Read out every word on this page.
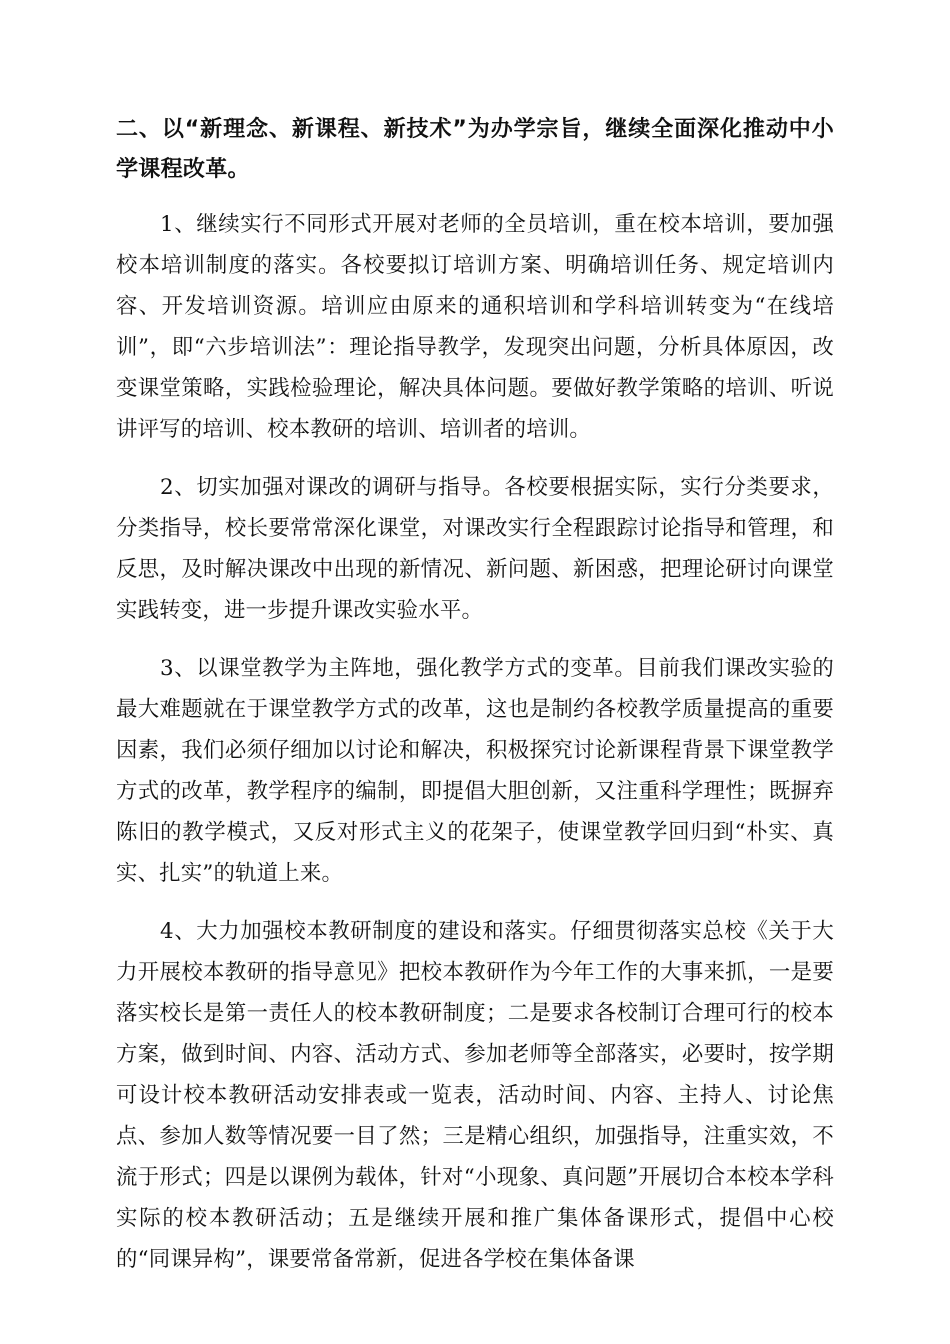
二、以“新理念、新课程、新技术”为办学宗旨，继续全面深化推动中小学课程改革。

1、继续实行不同形式开展对老师的全员培训，重在校本培训，要加强校本培训制度的落实。各校要拟订培训方案、明确培训任务、规定培训内容、开发培训资源。培训应由原来的通积培训和学科培训转变为“在线培训”，即“六步培训法”：理论指导教学，发现突出问题，分析具体原因，改变课堂策略，实践检验理论，解决具体问题。要做好教学策略的培训、听说讲评写的培训、校本教研的培训、培训者的培训。

2、切实加强对课改的调研与指导。各校要根据实际，实行分类要求，分类指导，校长要常常深化课堂，对课改实行全程跟踪讨论指导和管理，和反思，及时解决课改中出现的新情况、新问题、新困惑，把理论研讨向课堂实践转变，进一步提升课改实验水平。

3、以课堂教学为主阵地，强化教学方式的变革。目前我们课改实验的最大难题就在于课堂教学方式的改革，这也是制约各校教学质量提高的重要因素，我们必须仔细加以讨论和解决，积极探究讨论新课程背景下课堂教学方式的改革，教学程序的编制，即提倡大胆创新，又注重科学理性；既摒弃陈旧的教学模式，又反对形式主义的花架子，使课堂教学回归到“朴实、真实、扎实”的轨道上来。

4、大力加强校本教研制度的建设和落实。仔细贯彻落实总校《关于大力开展校本教研的指导意见》把校本教研作为今年工作的大事来抓，一是要落实校长是第一责任人的校本教研制度；二是要求各校制订合理可行的校本方案，做到时间、内容、活动方式、参加老师等全部落实，必要时，按学期可设计校本教研活动安排表或一览表，活动时间、内容、主持人、讨论焦点、参加人数等情况要一目了然；三是精心组织，加强指导，注重实效，不流于形式；四是以课例为载体，针对“小现象、真问题”开展切合本校本学科实际的校本教研活动；五是继续开展和推广集体备课形式，提倡中心校的“同课异构”，课要常备常新，促进各学校在集体备课
